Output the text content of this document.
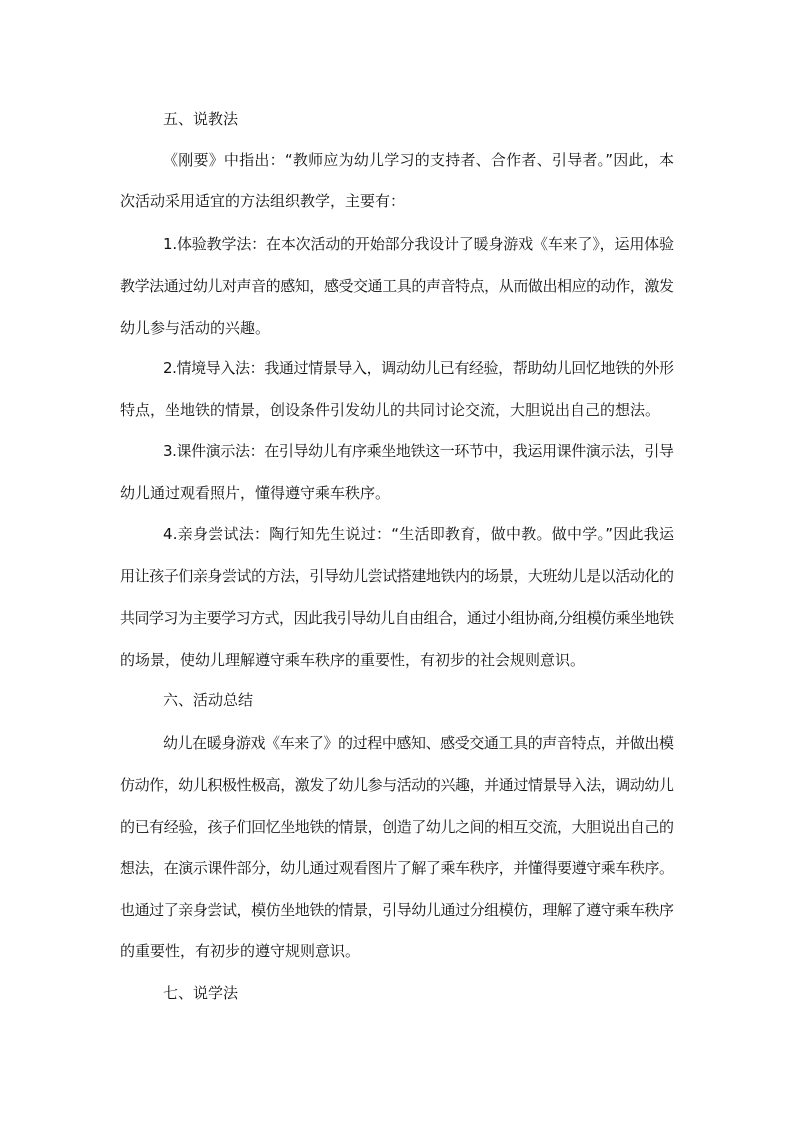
五、说教法

《刚要》中指出：“教师应为幼儿学习的支持者、合作者、引导者。”因此，本

次活动采用适宜的方法组织教学，主要有：

1.体验教学法：在本次活动的开始部分我设计了暖身游戏《车来了》，运用体验

教学法通过幼儿对声音的感知，感受交通工具的声音特点，从而做出相应的动作，激发

幼儿参与活动的兴趣。

2.情境导入法：我通过情景导入，调动幼儿已有经验，帮助幼儿回忆地铁的外形

特点，坐地铁的情景，创设条件引发幼儿的共同讨论交流，大胆说出自己的想法。

3.课件演示法：在引导幼儿有序乘坐地铁这一环节中，我运用课件演示法，引导

幼儿通过观看照片，懂得遵守乘车秩序。

4.亲身尝试法：陶行知先生说过：“生活即教育，做中教。做中学。”因此我运

用让孩子们亲身尝试的方法，引导幼儿尝试搭建地铁内的场景，大班幼儿是以活动化的

共同学习为主要学习方式，因此我引导幼儿自由组合，通过小组协商,分组模仿乘坐地铁

的场景，使幼儿理解遵守乘车秩序的重要性，有初步的社会规则意识。

六、活动总结

幼儿在暖身游戏《车来了》的过程中感知、感受交通工具的声音特点，并做出模

仿动作，幼儿积极性极高，激发了幼儿参与活动的兴趣，并通过情景导入法，调动幼儿

的已有经验，孩子们回忆坐地铁的情景，创造了幼儿之间的相互交流，大胆说出自己的

想法，在演示课件部分，幼儿通过观看图片了解了乘车秩序，并懂得要遵守乘车秩序。

也通过了亲身尝试，模仿坐地铁的情景，引导幼儿通过分组模仿，理解了遵守乘车秩序

的重要性，有初步的遵守规则意识。

七、说学法
